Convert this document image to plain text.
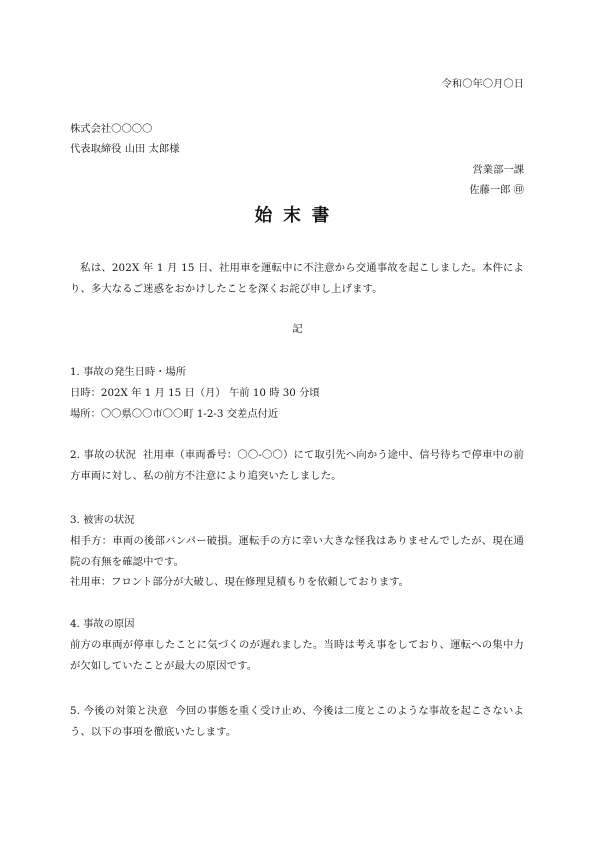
令和〇年〇月〇日
株式会社〇〇〇〇
代表取締役 山田 太郎様
営業部一課
佐藤一郎 ㊞
始末書
私は、202X 年 1 月 15 日、社用車を運転中に不注意から交通事故を起こしました。本件により、多大なるご迷惑をおかけしたことを深くお詫び申し上げます。
記
1. 事故の発生日時・場所
日時：202X 年 1 月 15 日（月） 午前 10 時 30 分頃
場所：〇〇県〇〇市〇〇町 1-2-3 交差点付近
2. 事故の状況 社用車（車両番号：〇〇-〇〇）にて取引先へ向かう途中、信号待ちで停車中の前方車両に対し、私の前方不注意により追突いたしました。
3. 被害の状況
相手方：車両の後部バンパー破損。運転手の方に幸い大きな怪我はありませんでしたが、現在通院の有無を確認中です。
社用車：フロント部分が大破し、現在修理見積もりを依頼しております。
4. 事故の原因
前方の車両が停車したことに気づくのが遅れました。当時は考え事をしており、運転への集中力が欠如していたことが最大の原因です。
5. 今後の対策と決意 今回の事態を重く受け止め、今後は二度とこのような事故を起こさないよう、以下の事項を徹底いたします。
